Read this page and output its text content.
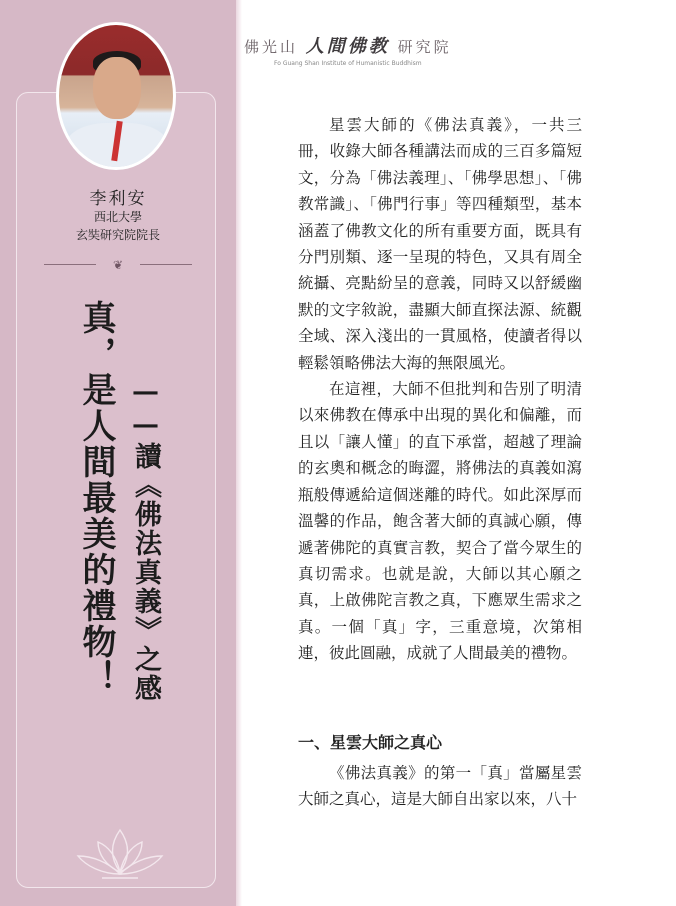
李利安
西北大學
玄奘研究院院長
❦
——讀《佛法真義》之感
真，是人間最美的禮物！
佛光山 人間佛教 研究院
Fo Guang Shan Institute of Humanistic Buddhism

星雲大師的《佛法真義》，一共三冊，收錄大師各種講法而成的三百多篇短文，分為「佛法義理」、「佛學思想」、「佛教常識」、「佛門行事」等四種類型，基本涵蓋了佛教文化的所有重要方面，既具有分門別類、逐一呈現的特色，又具有周全統攝、亮點紛呈的意義，同時又以舒緩幽默的文字敘說，盡顯大師直探法源、統觀全域、深入淺出的一貫風格，使讀者得以輕鬆領略佛法大海的無限風光。

在這裡，大師不但批判和告別了明清以來佛教在傳承中出現的異化和偏離，而且以「讓人懂」的直下承當，超越了理論的玄奧和概念的晦澀，將佛法的真義如瀉瓶般傳遞給這個迷離的時代。如此深厚而溫馨的作品，飽含著大師的真誠心願，傳遞著佛陀的真實言教，契合了當今眾生的真切需求。也就是說，大師以其心願之真，上啟佛陀言教之真，下應眾生需求之真。一個「真」字，三重意境，次第相連，彼此圓融，成就了人間最美的禮物。

一、星雲大師之真心

《佛法真義》的第一「真」當屬星雲大師之真心，這是大師自出家以來，八十
